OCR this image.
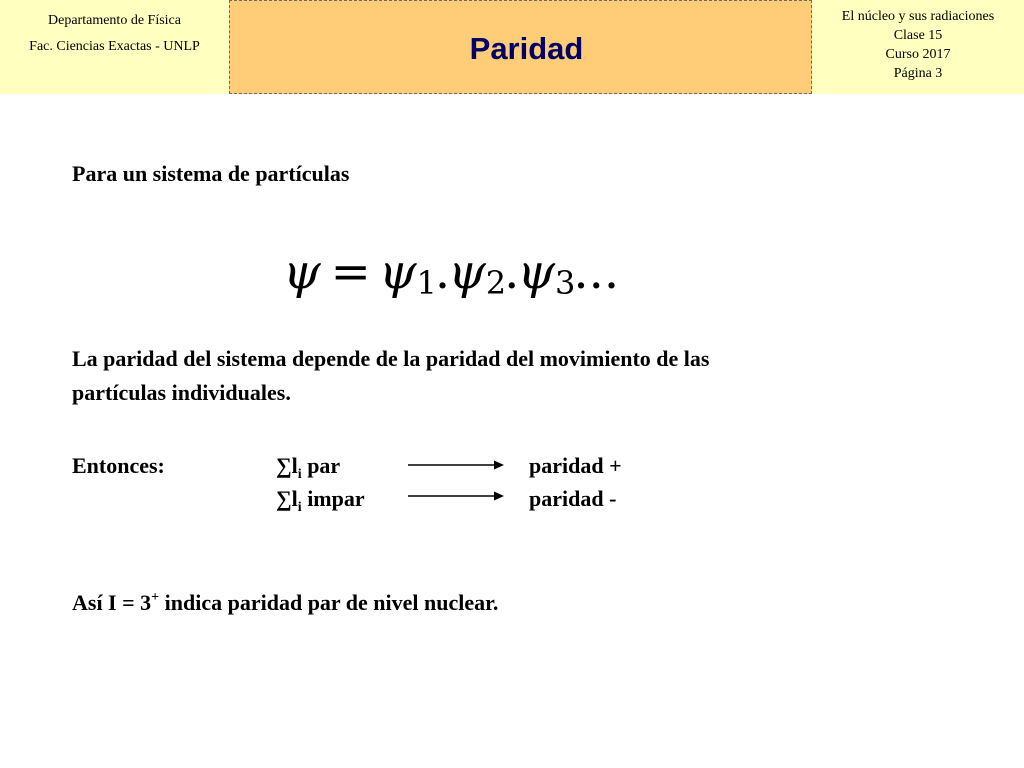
Departamento de Física
Fac. Ciencias Exactas - UNLP	Paridad
El núcleo y sus radiaciones
Clase 15
Curso 2017
Página 3
Para un sistema de partículas
ψ = ψ1.ψ2.ψ3...
La paridad del sistema depende de la paridad del movimiento de las
partículas individuales.
Entonces:	$\sum l_i$ par	paridad +
$\sum l_i$ impar	paridad -
Así I = 3+ indica paridad par de nivel nuclear.
